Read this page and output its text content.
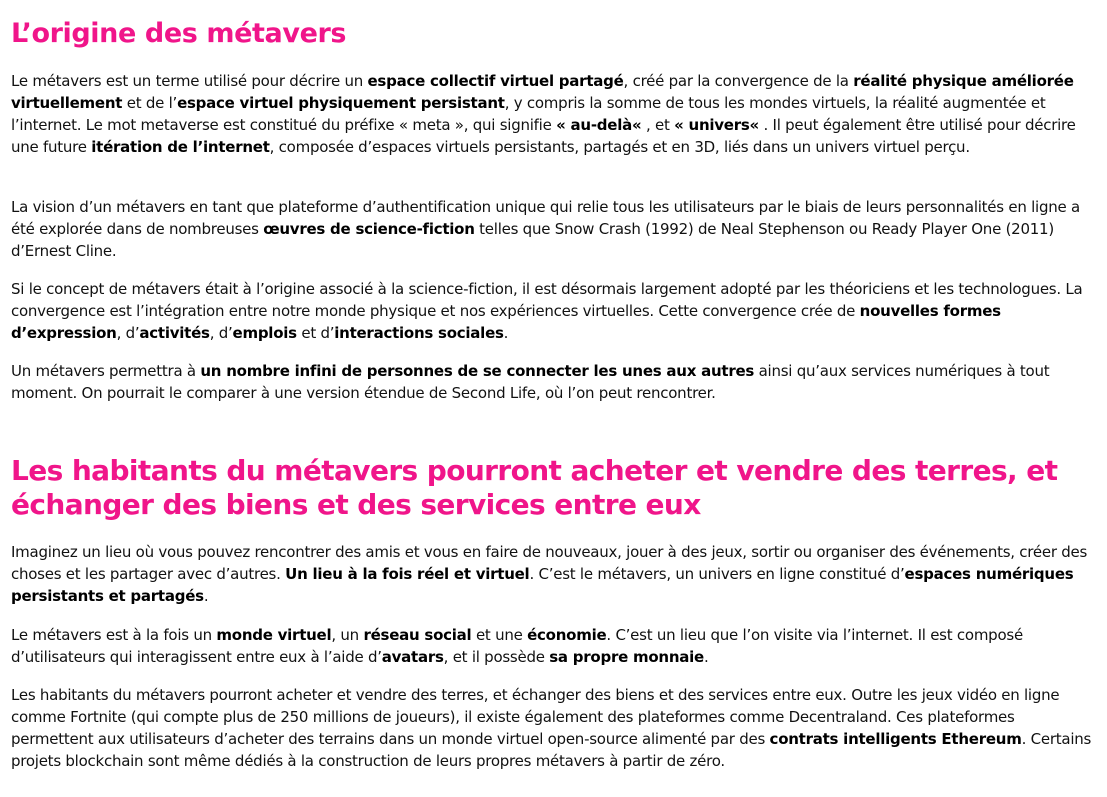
L’origine des métavers

Le métavers est un terme utilisé pour décrire un espace collectif virtuel partagé, créé par la convergence de la réalité physique améliorée virtuellement et de l’espace virtuel physiquement persistant, y compris la somme de tous les mondes virtuels, la réalité augmentée et l’internet. Le mot metaverse est constitué du préfixe « meta », qui signifie « au-delà« , et « univers« . Il peut également être utilisé pour décrire une future itération de l’internet, composée d’espaces virtuels persistants, partagés et en 3D, liés dans un univers virtuel perçu.

La vision d’un métavers en tant que plateforme d’authentification unique qui relie tous les utilisateurs par le biais de leurs personnalités en ligne a été explorée dans de nombreuses œuvres de science-fiction telles que Snow Crash (1992) de Neal Stephenson ou Ready Player One (2011) d’Ernest Cline.

Si le concept de métavers était à l’origine associé à la science-fiction, il est désormais largement adopté par les théoriciens et les technologues. La convergence est l’intégration entre notre monde physique et nos expériences virtuelles. Cette convergence crée de nouvelles formes d’expression, d’activités, d’emplois et d’interactions sociales.

Un métavers permettra à un nombre infini de personnes de se connecter les unes aux autres ainsi qu’aux services numériques à tout moment. On pourrait le comparer à une version étendue de Second Life, où l’on peut rencontrer.

Les habitants du métavers pourront acheter et vendre des terres, et échanger des biens et des services entre eux

Imaginez un lieu où vous pouvez rencontrer des amis et vous en faire de nouveaux, jouer à des jeux, sortir ou organiser des événements, créer des choses et les partager avec d’autres. Un lieu à la fois réel et virtuel. C’est le métavers, un univers en ligne constitué d’espaces numériques persistants et partagés.

Le métavers est à la fois un monde virtuel, un réseau social et une économie. C’est un lieu que l’on visite via l’internet. Il est composé d’utilisateurs qui interagissent entre eux à l’aide d’avatars, et il possède sa propre monnaie.

Les habitants du métavers pourront acheter et vendre des terres, et échanger des biens et des services entre eux. Outre les jeux vidéo en ligne comme Fortnite (qui compte plus de 250 millions de joueurs), il existe également des plateformes comme Decentraland. Ces plateformes permettent aux utilisateurs d’acheter des terrains dans un monde virtuel open-source alimenté par des contrats intelligents Ethereum. Certains projets blockchain sont même dédiés à la construction de leurs propres métavers à partir de zéro.
